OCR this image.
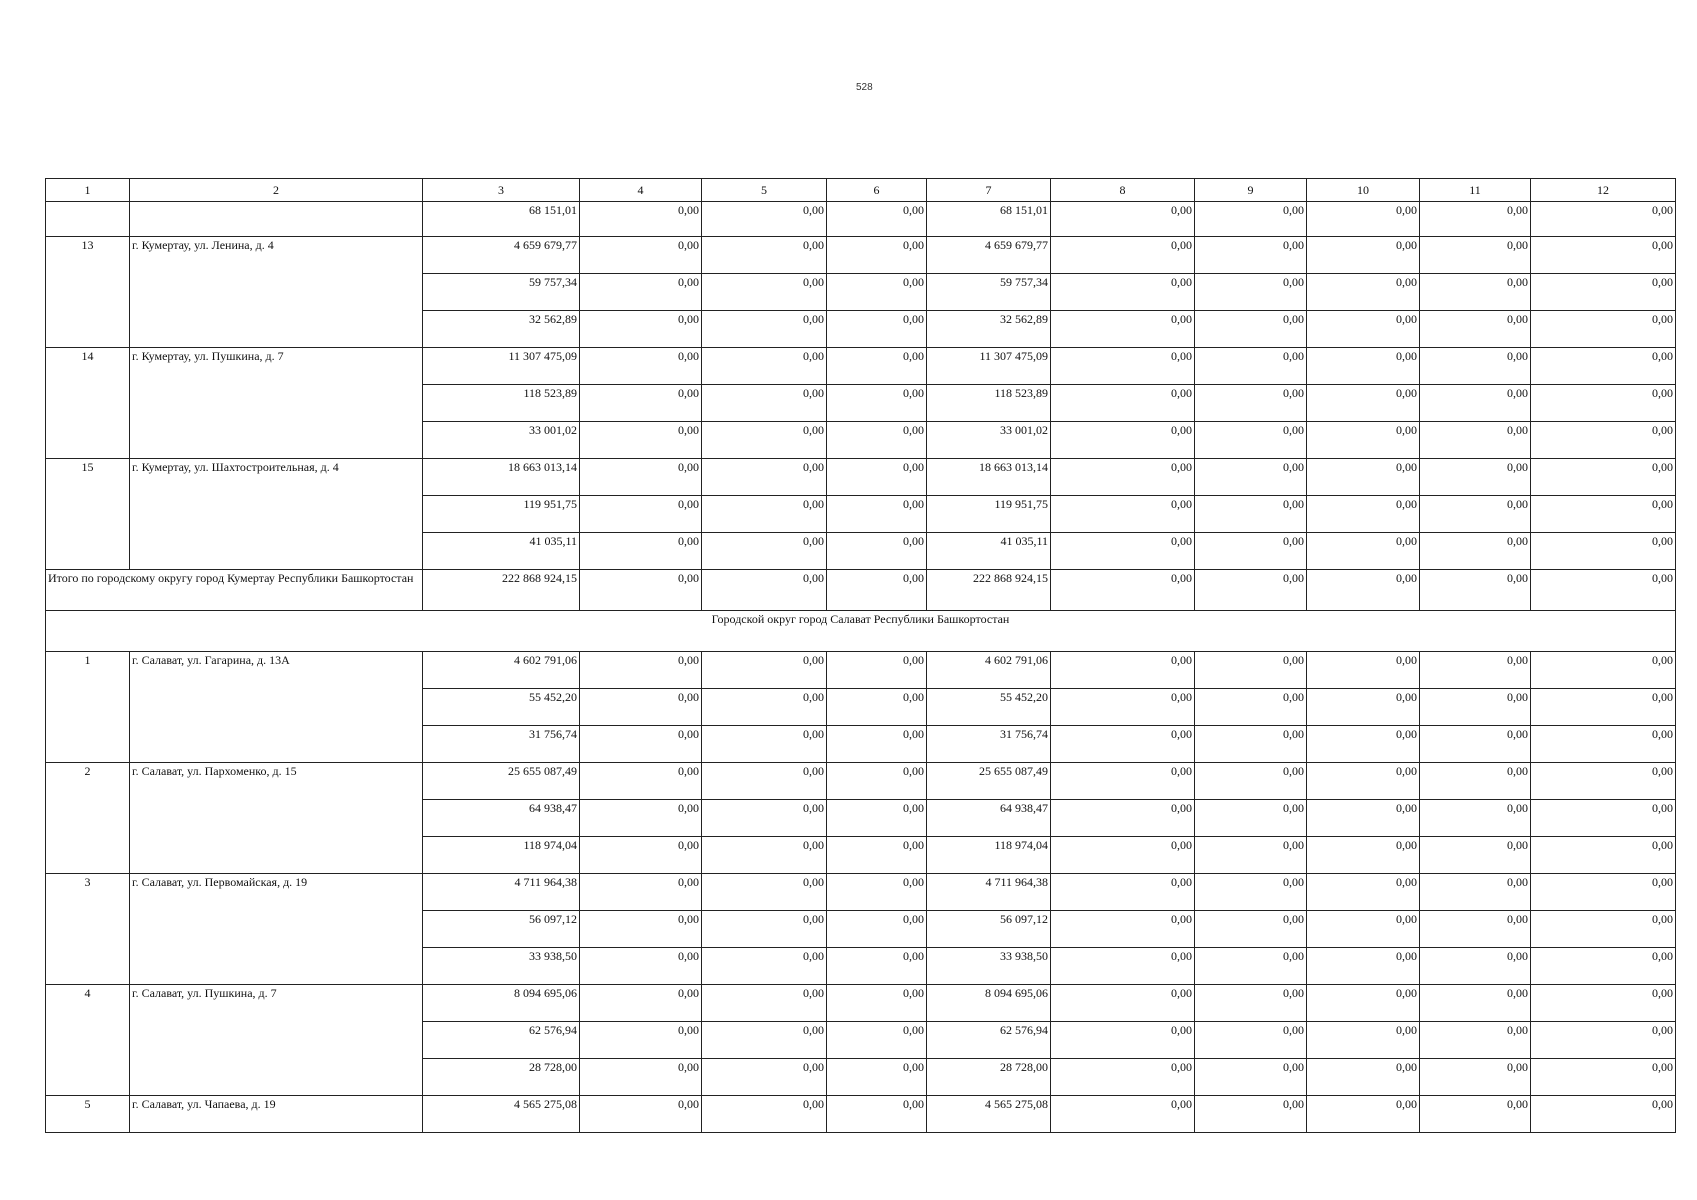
528
1	2	3	4	5	6	7	8	9	10	11	12
		68 151,01	0,00	0,00	0,00	68 151,01	0,00	0,00	0,00	0,00	0,00
13	г. Кумертау, ул. Ленина, д. 4	4 659 679,77	0,00	0,00	0,00	4 659 679,77	0,00	0,00	0,00	0,00	0,00
		59 757,34	0,00	0,00	0,00	59 757,34	0,00	0,00	0,00	0,00	0,00
		32 562,89	0,00	0,00	0,00	32 562,89	0,00	0,00	0,00	0,00	0,00
14	г. Кумертау, ул. Пушкина, д. 7	11 307 475,09	0,00	0,00	0,00	11 307 475,09	0,00	0,00	0,00	0,00	0,00
		118 523,89	0,00	0,00	0,00	118 523,89	0,00	0,00	0,00	0,00	0,00
		33 001,02	0,00	0,00	0,00	33 001,02	0,00	0,00	0,00	0,00	0,00
15	г. Кумертау, ул. Шахтостроительная, д. 4	18 663 013,14	0,00	0,00	0,00	18 663 013,14	0,00	0,00	0,00	0,00	0,00
		119 951,75	0,00	0,00	0,00	119 951,75	0,00	0,00	0,00	0,00	0,00
		41 035,11	0,00	0,00	0,00	41 035,11	0,00	0,00	0,00	0,00	0,00
Итого по городскому округу город Кумертау Республики Башкортостан		222 868 924,15	0,00	0,00	0,00	222 868 924,15	0,00	0,00	0,00	0,00	0,00
Городской округ город Салават Республики Башкортостан											
1	г. Салават, ул. Гагарина, д. 13А	4 602 791,06	0,00	0,00	0,00	4 602 791,06	0,00	0,00	0,00	0,00	0,00
		55 452,20	0,00	0,00	0,00	55 452,20	0,00	0,00	0,00	0,00	0,00
		31 756,74	0,00	0,00	0,00	31 756,74	0,00	0,00	0,00	0,00	0,00
2	г. Салават, ул. Пархоменко, д. 15	25 655 087,49	0,00	0,00	0,00	25 655 087,49	0,00	0,00	0,00	0,00	0,00
		64 938,47	0,00	0,00	0,00	64 938,47	0,00	0,00	0,00	0,00	0,00
		118 974,04	0,00	0,00	0,00	118 974,04	0,00	0,00	0,00	0,00	0,00
3	г. Салават, ул. Первомайская, д. 19	4 711 964,38	0,00	0,00	0,00	4 711 964,38	0,00	0,00	0,00	0,00	0,00
		56 097,12	0,00	0,00	0,00	56 097,12	0,00	0,00	0,00	0,00	0,00
		33 938,50	0,00	0,00	0,00	33 938,50	0,00	0,00	0,00	0,00	0,00
4	г. Салават, ул. Пушкина, д. 7	8 094 695,06	0,00	0,00	0,00	8 094 695,06	0,00	0,00	0,00	0,00	0,00
		62 576,94	0,00	0,00	0,00	62 576,94	0,00	0,00	0,00	0,00	0,00
		28 728,00	0,00	0,00	0,00	28 728,00	0,00	0,00	0,00	0,00	0,00
5	г. Салават, ул. Чапаева, д. 19	4 565 275,08	0,00	0,00	0,00	4 565 275,08	0,00	0,00	0,00	0,00	0,00
